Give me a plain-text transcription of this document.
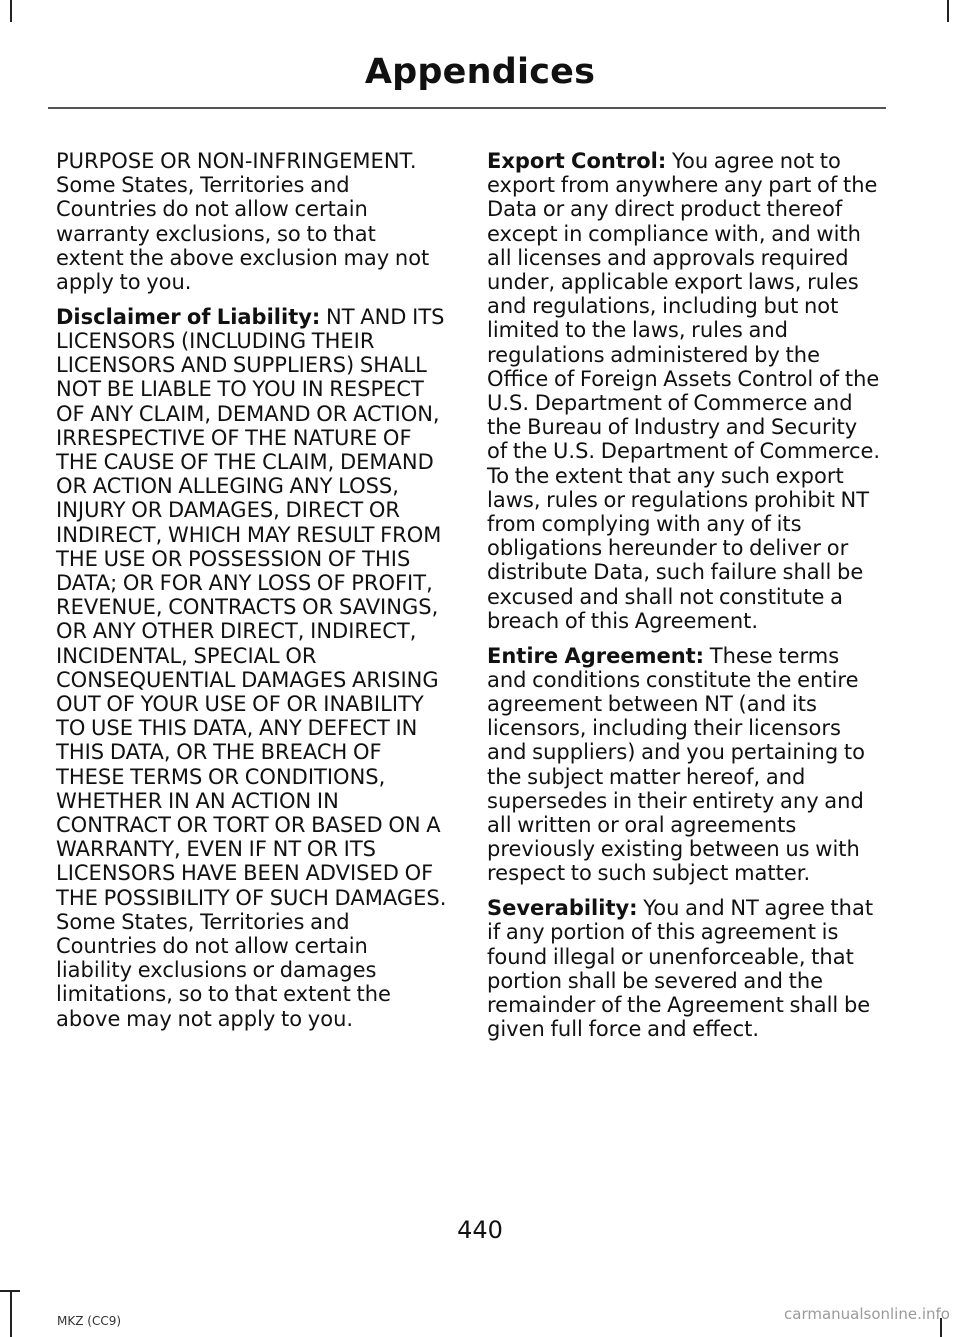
Appendices

PURPOSE OR NON-INFRINGEMENT. Some States, Territories and Countries do not allow certain warranty exclusions, so to that extent the above exclusion may not apply to you.

Disclaimer of Liability: NT AND ITS LICENSORS (INCLUDING THEIR LICENSORS AND SUPPLIERS) SHALL NOT BE LIABLE TO YOU IN RESPECT OF ANY CLAIM, DEMAND OR ACTION, IRRESPECTIVE OF THE NATURE OF THE CAUSE OF THE CLAIM, DEMAND OR ACTION ALLEGING ANY LOSS, INJURY OR DAMAGES, DIRECT OR INDIRECT, WHICH MAY RESULT FROM THE USE OR POSSESSION OF THIS DATA; OR FOR ANY LOSS OF PROFIT, REVENUE, CONTRACTS OR SAVINGS, OR ANY OTHER DIRECT, INDIRECT, INCIDENTAL, SPECIAL OR CONSEQUENTIAL DAMAGES ARISING OUT OF YOUR USE OF OR INABILITY TO USE THIS DATA, ANY DEFECT IN THIS DATA, OR THE BREACH OF THESE TERMS OR CONDITIONS, WHETHER IN AN ACTION IN CONTRACT OR TORT OR BASED ON A WARRANTY, EVEN IF NT OR ITS LICENSORS HAVE BEEN ADVISED OF THE POSSIBILITY OF SUCH DAMAGES. Some States, Territories and Countries do not allow certain liability exclusions or damages limitations, so to that extent the above may not apply to you.

Export Control: You agree not to export from anywhere any part of the Data or any direct product thereof except in compliance with, and with all licenses and approvals required under, applicable export laws, rules and regulations, including but not limited to the laws, rules and regulations administered by the Office of Foreign Assets Control of the U.S. Department of Commerce and the Bureau of Industry and Security of the U.S. Department of Commerce. To the extent that any such export laws, rules or regulations prohibit NT from complying with any of its obligations hereunder to deliver or distribute Data, such failure shall be excused and shall not constitute a breach of this Agreement.

Entire Agreement: These terms and conditions constitute the entire agreement between NT (and its licensors, including their licensors and suppliers) and you pertaining to the subject matter hereof, and supersedes in their entirety any and all written or oral agreements previously existing between us with respect to such subject matter.

Severability: You and NT agree that if any portion of this agreement is found illegal or unenforceable, that portion shall be severed and the remainder of the Agreement shall be given full force and effect.

440
MKZ (CC9)	carmanualsonline.info
